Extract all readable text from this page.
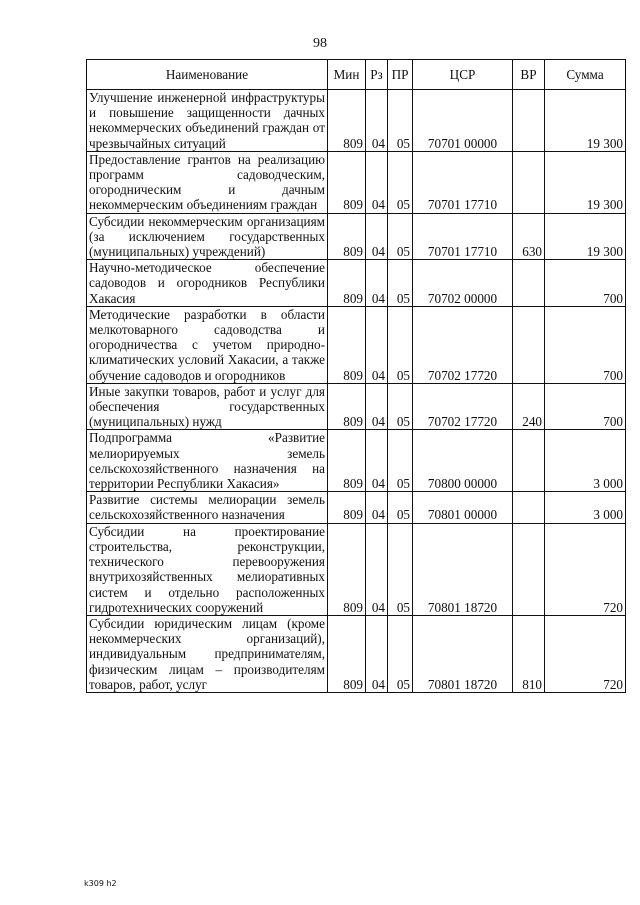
98
Наименование	Мин	Рз	ПР	ЦСР	ВР	Сумма
Улучшение инженерной инфраструктуры и повышение защищенности дачных некоммерческих объединений граждан от чрезвычайных ситуаций	809	04	05	70701 00000		19 300
Предоставление грантов на реализацию программ садоводческим, огородническим и дачным некоммерческим объединениям граждан	809	04	05	70701 17710		19 300
Субсидии некоммерческим организациям (за исключением государственных (муниципальных) учреждений)	809	04	05	70701 17710	630	19 300
Научно-методическое обеспечение садоводов и огородников Республики Хакасия	809	04	05	70702 00000		700
Методические разработки в области мелкотоварного садоводства и огородничества с учетом природно-климатических условий Хакасии, а также обучение садоводов и огородников	809	04	05	70702 17720		700
Иные закупки товаров, работ и услуг для обеспечения государственных (муниципальных) нужд	809	04	05	70702 17720	240	700
Подпрограмма «Развитие мелиорируемых земель сельскохозяйственного назначения на территории Республики Хакасия»	809	04	05	70800 00000		3 000
Развитие системы мелиорации земель сельскохозяйственного назначения	809	04	05	70801 00000		3 000
Субсидии на проектирование строительства, реконструкции, технического перевооружения внутрихозяйственных мелиоративных систем и отдельно расположенных гидротехнических сооружений	809	04	05	70801 18720		720
Субсидии юридическим лицам (кроме некоммерческих организаций), индивидуальным предпринимателям, физическим лицам – производителям товаров, работ, услуг	809	04	05	70801 18720	810	720
k309 h2
